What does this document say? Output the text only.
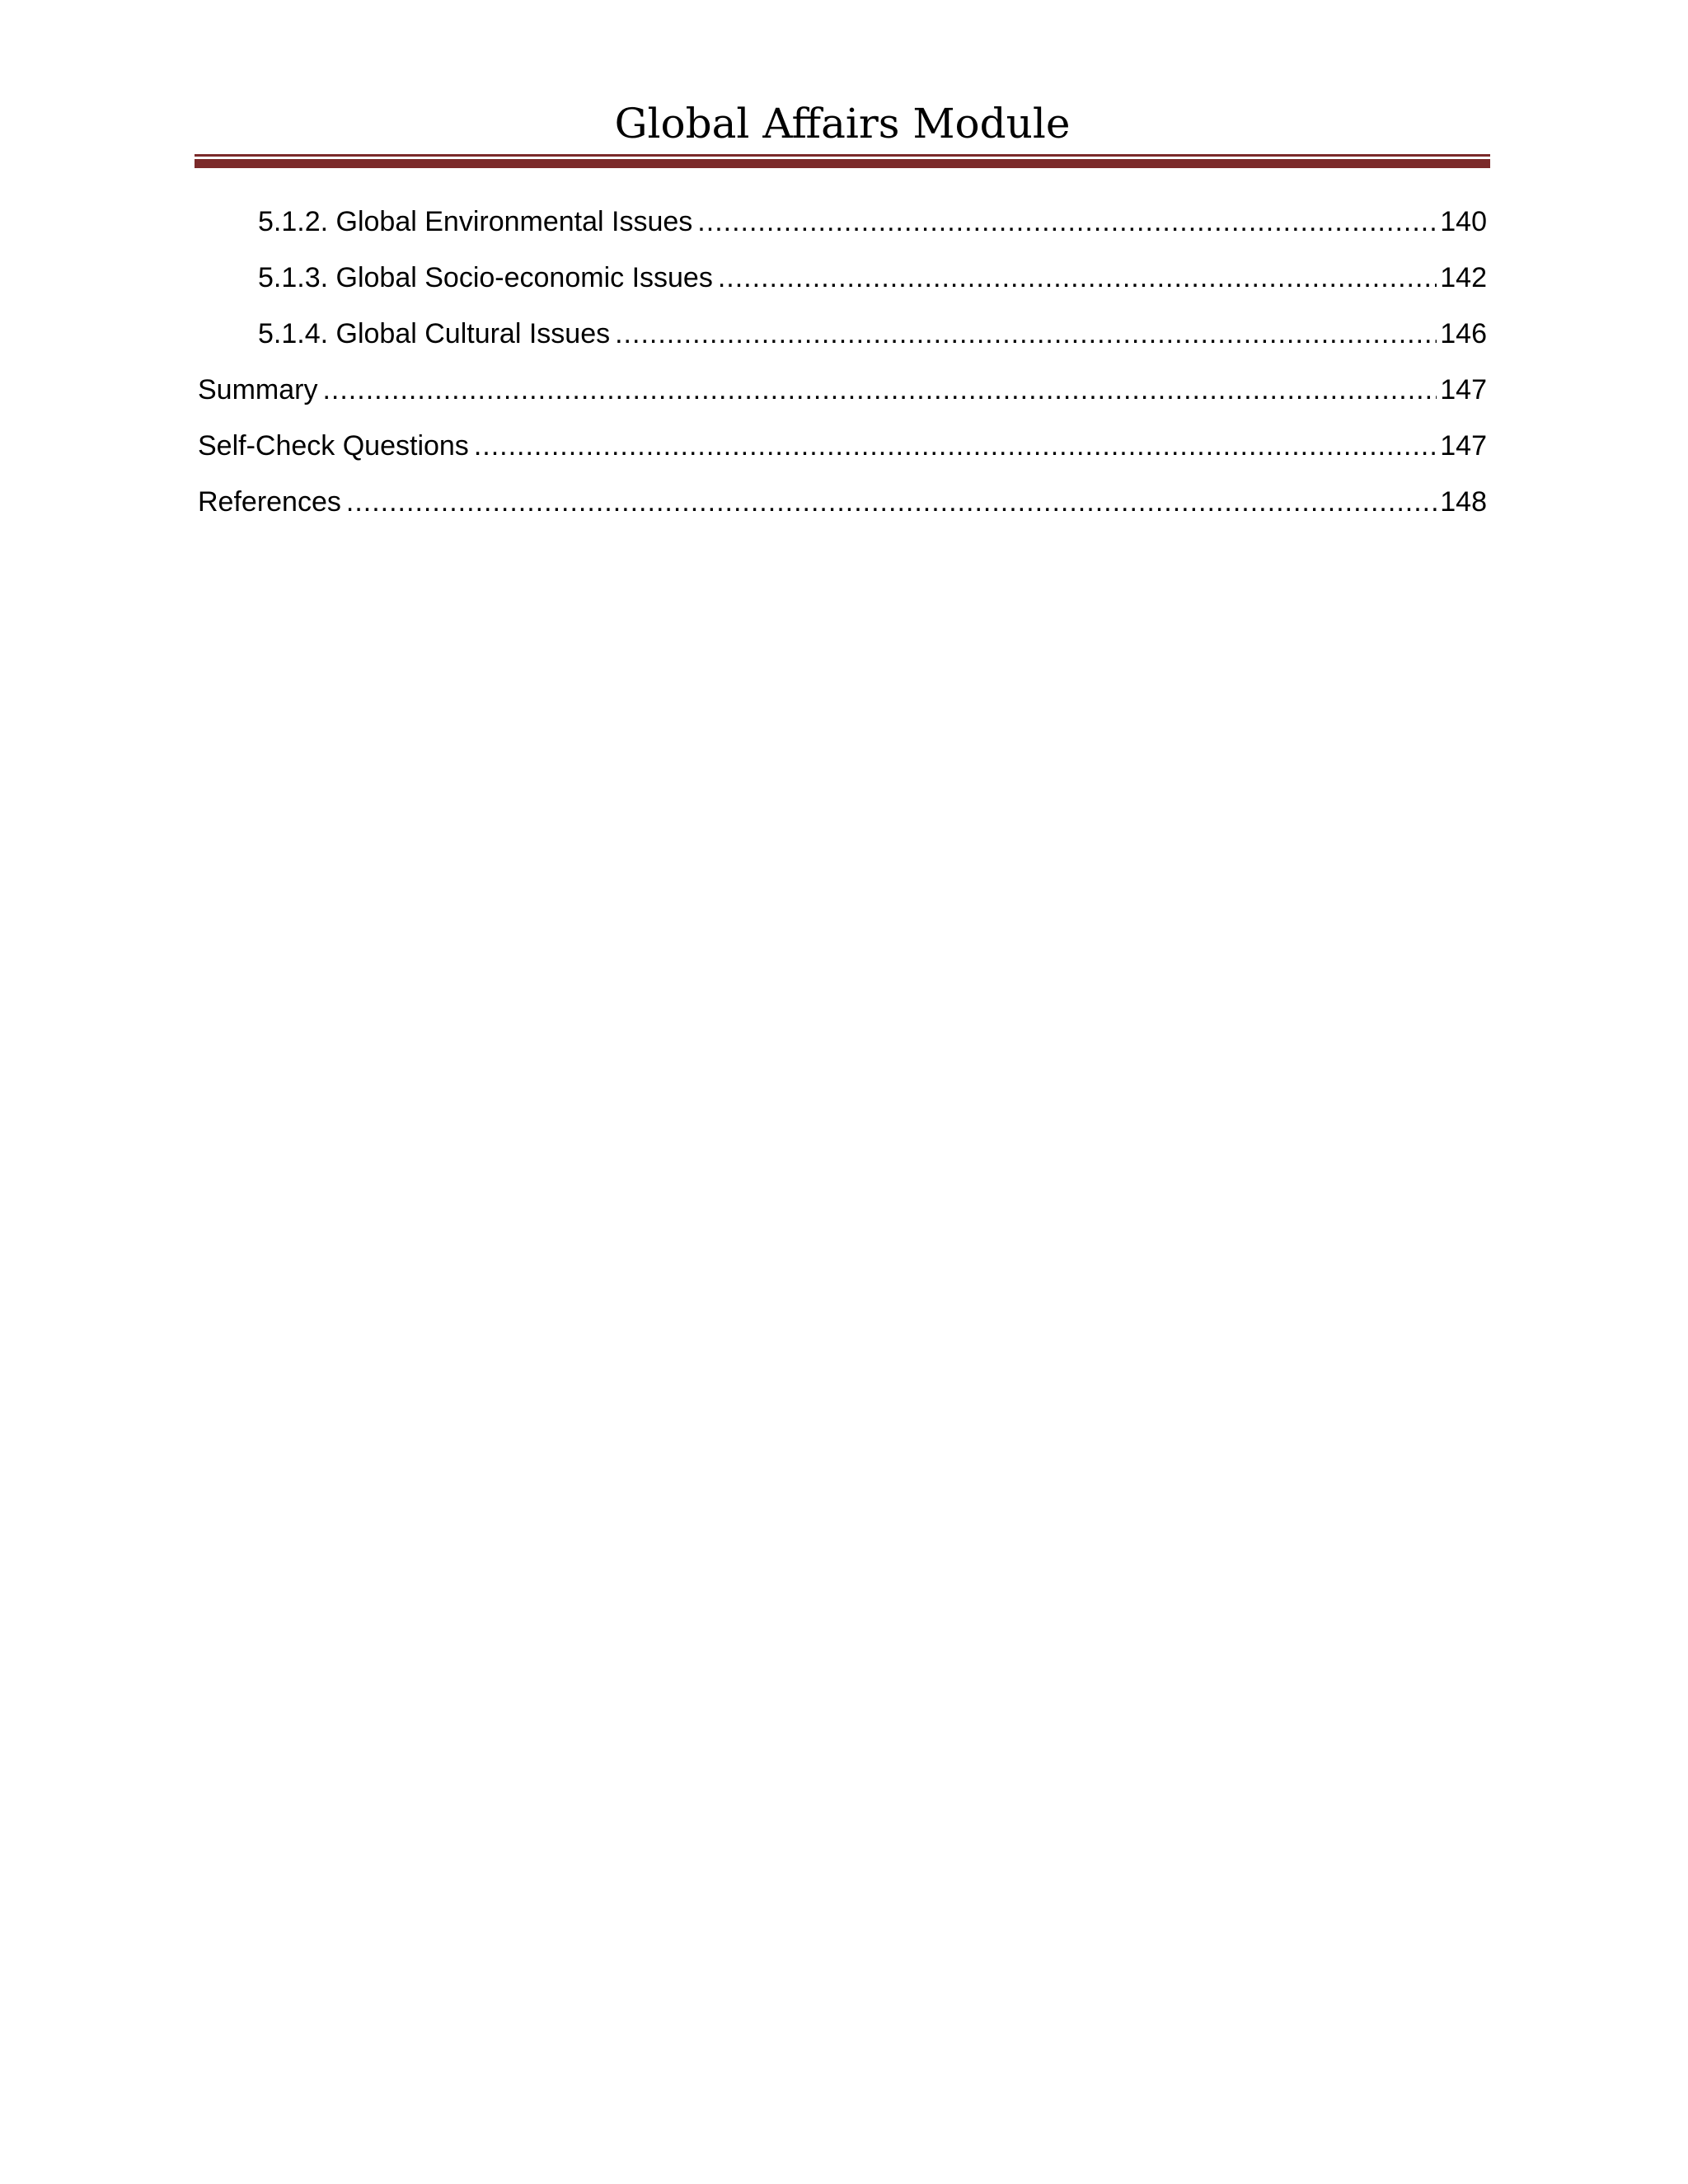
Global Affairs Module
5.1.2. Global Environmental Issues .....	140
5.1.3. Global Socio-economic Issues .....	142
5.1.4. Global Cultural Issues .....	146
Summary .....	147
Self-Check Questions .....	147
References .....	148
